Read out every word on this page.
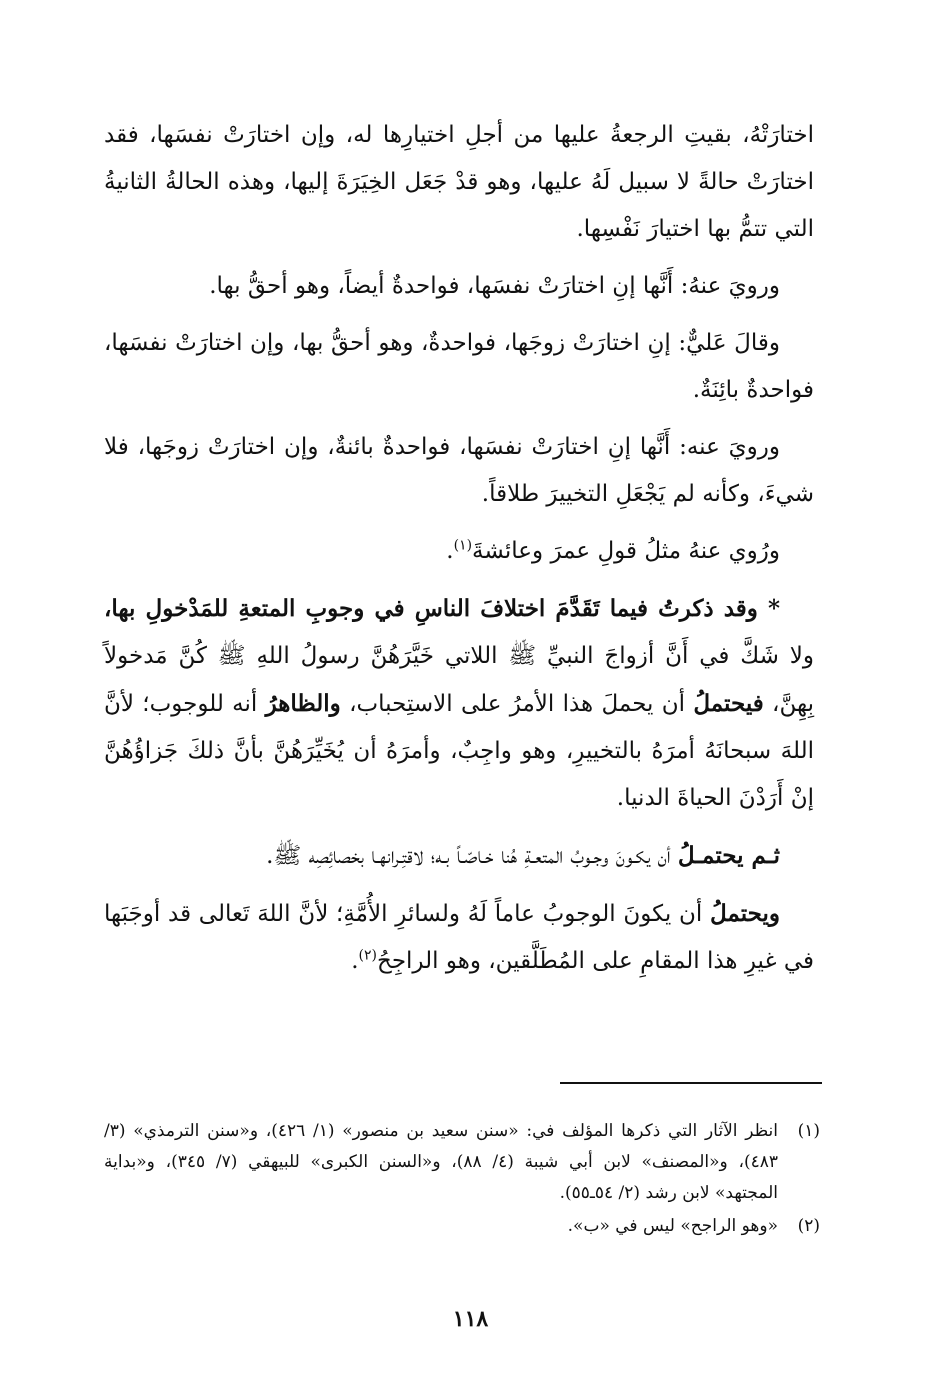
اختارَتْهُ، بقيتِ الرجعةُ عليها من أجلِ اختيارِها له، وإن اختارَتْ نفسَها، فقد اختارَتْ حالةً لا سبيل لَهُ عليها، وهو قدْ جَعَل الخِيَرَةَ إليها، وهذه الحالةُ الثانيةُ التي تتمُّ بها اختيارَ نَفْسِها.

ورويَ عنهُ: أَنَّها إنِ اختارَتْ نفسَها، فواحدةٌ أيضاً، وهو أحقُّ بها.

وقالَ عَليٌّ: إنِ اختارَتْ زوجَها، فواحدةٌ، وهو أحقُّ بها، وإن اختارَتْ نفسَها، فواحدةٌ بائِنَةٌ.

ورويَ عنه: أَنَّها إنِ اختارَتْ نفسَها، فواحدةٌ بائنةٌ، وإن اختارَتْ زوجَها، فلا شيءَ، وكأنه لم يَجْعَلِ التخييرَ طلاقاً.

ورُوي عنهُ مثلُ قولِ عمرَ وعائشةَ$^{(١)}$.

* وقد ذكرتُ فيما تَقَدَّمَ اختلافَ الناسِ في وجوبِ المتعةِ للمَدْخولِ بها، ولا شَكَّ في أَنَّ أزواجَ النبيِّ ﷺ اللاتي خَيَّرَهُنَّ رسولُ اللهِ ﷺ كُنَّ مَدخولاً بِهِنَّ، فيحتملُ أن يحملَ هذا الأمرُ على الاستِحباب، والظاهرُ أنه للوجوب؛ لأنَّ اللهَ سبحانَهُ أمرَهُ بالتخييرِ، وهو واجِبٌ، وأمرَهُ أن يُخَيِّرَهُنَّ بأنَّ ذلكَ جَزاؤُهُنَّ إنْ أَرَدْنَ الحياةَ الدنيا.

ثـم يحتمـلُ أن يكـونَ وجـوبُ المتعـةِ هُنا خـاصّـاً بـه؛ لاقتِـرانهـا بخصائِصِه ﷺ.

ويحتملُ أن يكونَ الوجوبُ عاماً لَهُ ولسائرِ الأُمَّةِ؛ لأنَّ اللهَ تَعالى قد أوجَبَها في غيرِ هذا المقامِ على المُطَلَّقين، وهو الراجِحُ$^{(٢)}$.

(١)
انظر الآثار التي ذكرها المؤلف في: «سنن سعيد بن منصور» (١/ ٤٢٦)، و«سنن الترمذي» (٣/ ٤٨٣)، و«المصنف» لابن أبي شيبة (٤/ ٨٨)، و«السنن الكبرى» للبيهقي (٧/ ٣٤٥)، و«بداية المجتهد» لابن رشد (٢/ ٥٤ـ٥٥).
(٢)
«وهو الراجح» ليس في «ب».
١١٨
